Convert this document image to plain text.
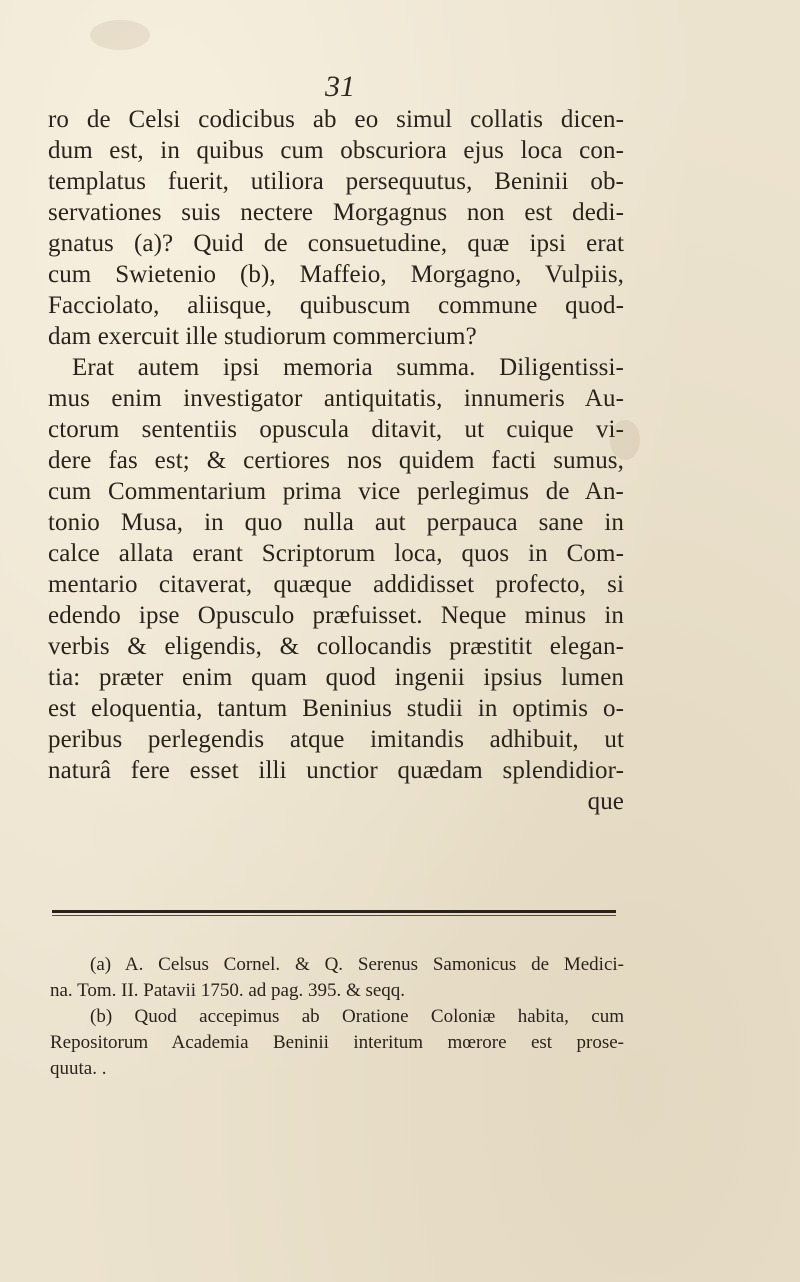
31
ro de Celsi codicibus ab eo simul collatis dicen-
dum est, in quibus cum obscuriora ejus loca con-
templatus fuerit, utiliora persequutus, Beninii ob-
servationes suis nectere Morgagnus non est dedi-
gnatus (a)? Quid de consuetudine, quæ ipsi erat
cum Swietenio (b), Maffeio, Morgagno, Vulpiis,
Facciolato, aliisque, quibuscum commune quod-
dam exercuit ille studiorum commercium?
Erat autem ipsi memoria summa. Diligentissi-
mus enim investigator antiquitatis, innumeris Au-
ctorum sententiis opuscula ditavit, ut cuique vi-
dere fas est; & certiores nos quidem facti sumus,
cum Commentarium prima vice perlegimus de An-
tonio Musa, in quo nulla aut perpauca sane in
calce allata erant Scriptorum loca, quos in Com-
mentario citaverat, quæque addidisset profecto, si
edendo ipse Opusculo præfuisset. Neque minus in
verbis & eligendis, & collocandis præstitit elegan-
tia: præter enim quam quod ingenii ipsius lumen
est eloquentia, tantum Beninius studii in optimis o-
peribus perlegendis atque imitandis adhibuit, ut
naturâ fere esset illi unctior quædam splendidior-
que
(a) A. Celsus Cornel. & Q. Serenus Samonicus de Medici-
na. Tom. II. Patavii 1750. ad pag. 395. & seqq.
(b) Quod accepimus ab Oratione Coloniæ habita, cum
Repositorum Academia Beninii interitum mœrore est prose-
quuta. .
